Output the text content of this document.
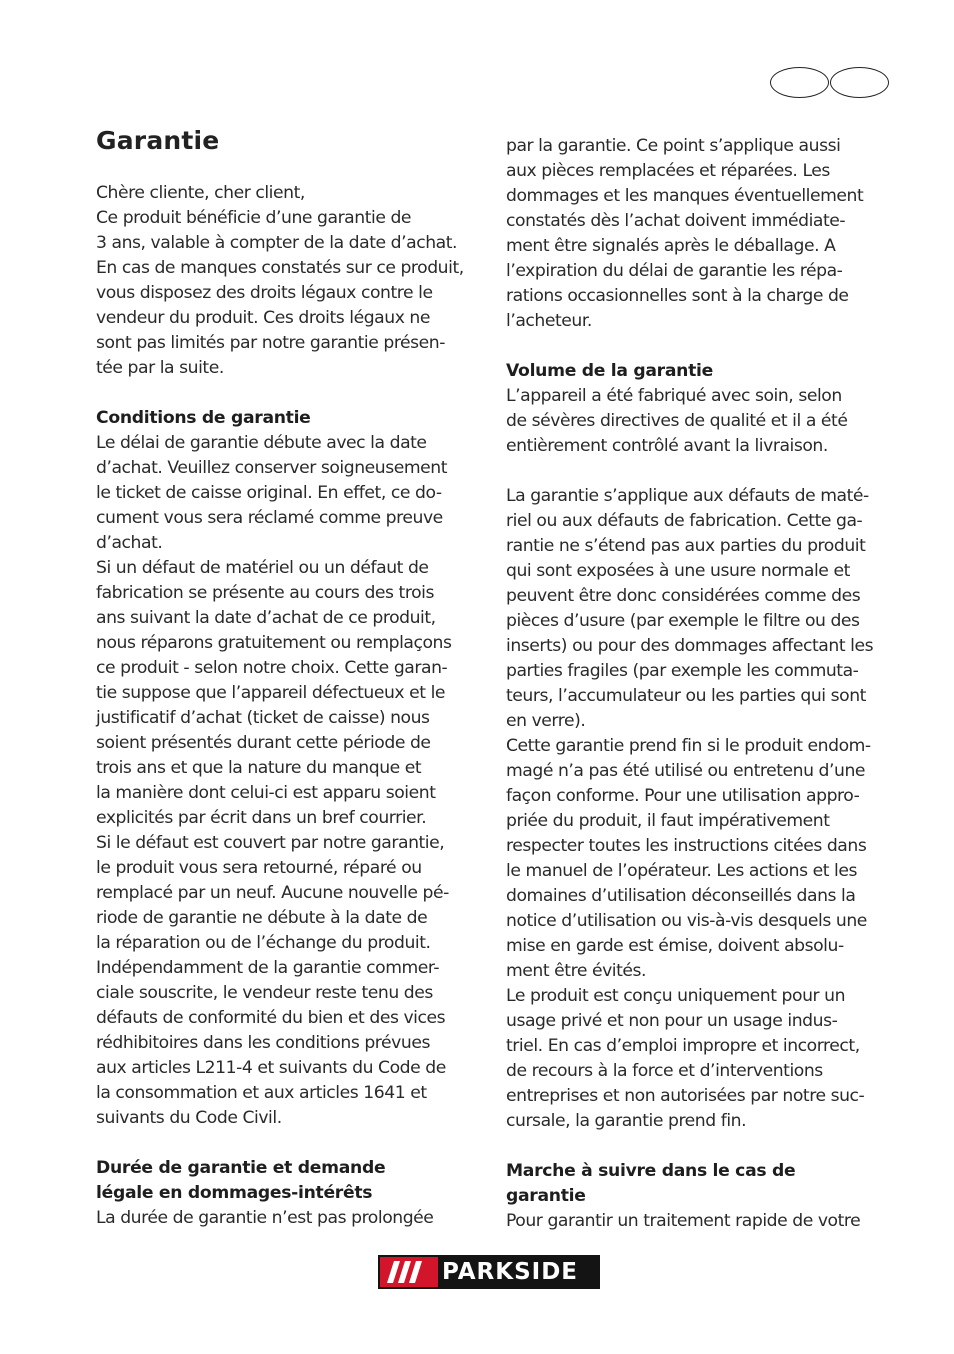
Garantie
Chère cliente, cher client,
Ce produit bénéficie d’une garantie de
3 ans, valable à compter de la date d’achat.
En cas de manques constatés sur ce produit,
vous disposez des droits légaux contre le
vendeur du produit. Ces droits légaux ne
sont pas limités par notre garantie présen-
tée par la suite.
Conditions de garantie
Le délai de garantie débute avec la date
d’achat. Veuillez conserver soigneusement
le ticket de caisse original. En effet, ce do-
cument vous sera réclamé comme preuve
d’achat.
Si un défaut de matériel ou un défaut de
fabrication se présente au cours des trois
ans suivant la date d’achat de ce produit,
nous réparons gratuitement ou remplaçons
ce produit - selon notre choix. Cette garan-
tie suppose que l’appareil défectueux et le
justificatif d’achat (ticket de caisse) nous
soient présentés durant cette période de
trois ans et que la nature du manque et
la manière dont celui-ci est apparu soient
explicités par écrit dans un bref courrier.
Si le défaut est couvert par notre garantie,
le produit vous sera retourné, réparé ou
remplacé par un neuf. Aucune nouvelle pé-
riode de garantie ne débute à la date de
la réparation ou de l’échange du produit.
Indépendamment de la garantie commer-
ciale souscrite, le vendeur reste tenu des
défauts de conformité du bien et des vices
rédhibitoires dans les conditions prévues
aux articles L211-4 et suivants du Code de
la consommation et aux articles 1641 et
suivants du Code Civil.
Durée de garantie et demande
légale en dommages-intérêts
La durée de garantie n’est pas prolongée
par la garantie. Ce point s’applique aussi
aux pièces remplacées et réparées. Les
dommages et les manques éventuellement
constatés dès l’achat doivent immédiate-
ment être signalés après le déballage. A
l’expiration du délai de garantie les répa-
rations occasionnelles sont à la charge de
l’acheteur.
Volume de la garantie
L’appareil a été fabriqué avec soin, selon
de sévères directives de qualité et il a été
entièrement contrôlé avant la livraison.
La garantie s’applique aux défauts de maté-
riel ou aux défauts de fabrication. Cette ga-
rantie ne s’étend pas aux parties du produit
qui sont exposées à une usure normale et
peuvent être donc considérées comme des
pièces d’usure (par exemple le filtre ou des
inserts) ou pour des dommages affectant les
parties fragiles (par exemple les commuta-
teurs, l’accumulateur ou les parties qui sont
en verre).
Cette garantie prend fin si le produit endom-
magé n’a pas été utilisé ou entretenu d’une
façon conforme. Pour une utilisation appro-
priée du produit, il faut impérativement
respecter toutes les instructions citées dans
le manuel de l’opérateur. Les actions et les
domaines d’utilisation déconseillés dans la
notice d’utilisation ou vis-à-vis desquels une
mise en garde est émise, doivent absolu-
ment être évités.
Le produit est conçu uniquement pour un
usage privé et non pour un usage indus-
triel. En cas d’emploi impropre et incorrect,
de recours à la force et d’interventions
entreprises et non autorisées par notre suc-
cursale, la garantie prend fin.
Marche à suivre dans le cas de
garantie
Pour garantir un traitement rapide de votre
PARKSIDE
